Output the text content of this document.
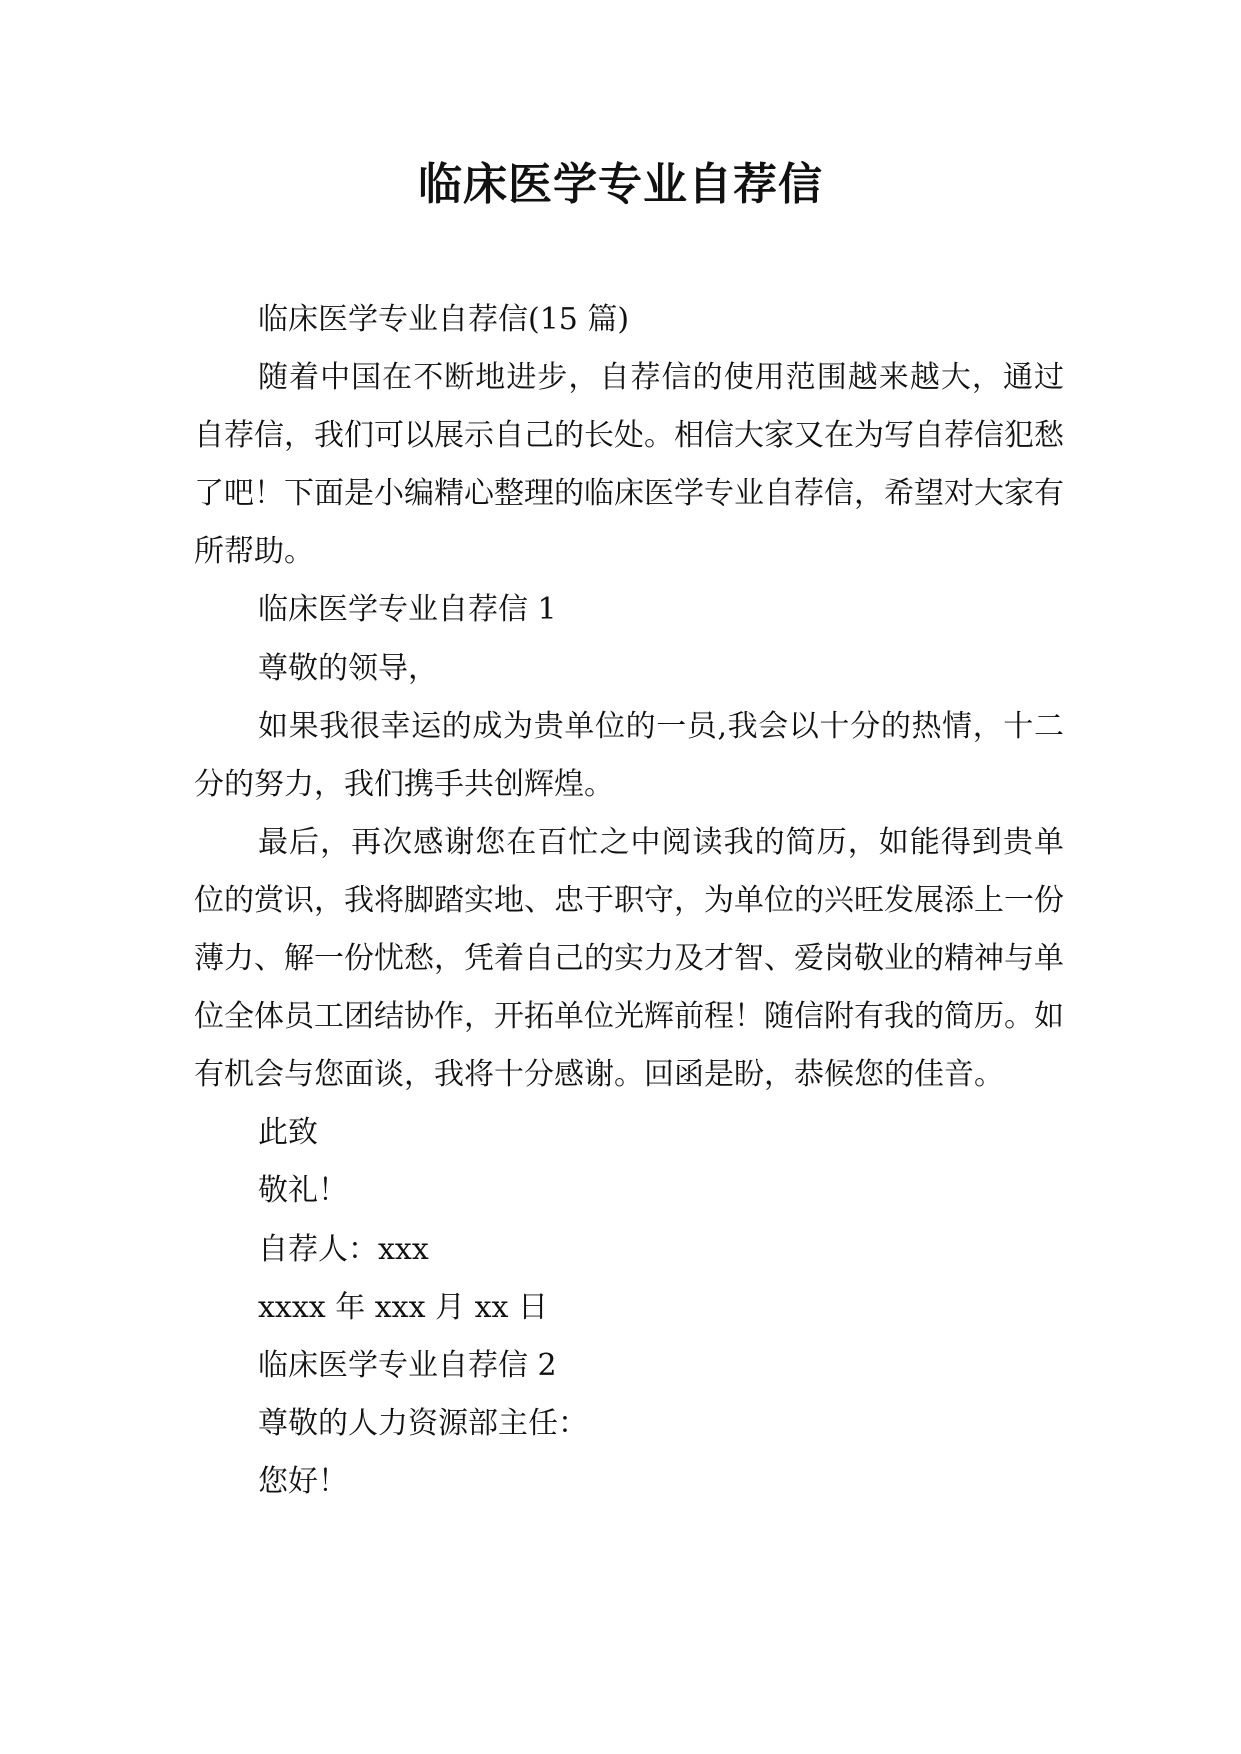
临床医学专业自荐信

临床医学专业自荐信(15 篇)

随着中国在不断地进步，自荐信的使用范围越来越大，通过自荐信，我们可以展示自己的长处。相信大家又在为写自荐信犯愁了吧！下面是小编精心整理的临床医学专业自荐信，希望对大家有所帮助。

临床医学专业自荐信 1

尊敬的领导，

如果我很幸运的成为贵单位的一员,我会以十分的热情，十二分的努力，我们携手共创辉煌。

最后，再次感谢您在百忙之中阅读我的简历，如能得到贵单位的赏识，我将脚踏实地、忠于职守，为单位的兴旺发展添上一份薄力、解一份忧愁，凭着自己的实力及才智、爱岗敬业的精神与单位全体员工团结协作，开拓单位光辉前程！随信附有我的简历。如有机会与您面谈，我将十分感谢。回函是盼，恭候您的佳音。

此致

敬礼！

自荐人：xxx

xxxx 年 xxx 月 xx 日

临床医学专业自荐信 2

尊敬的人力资源部主任：

您好！
